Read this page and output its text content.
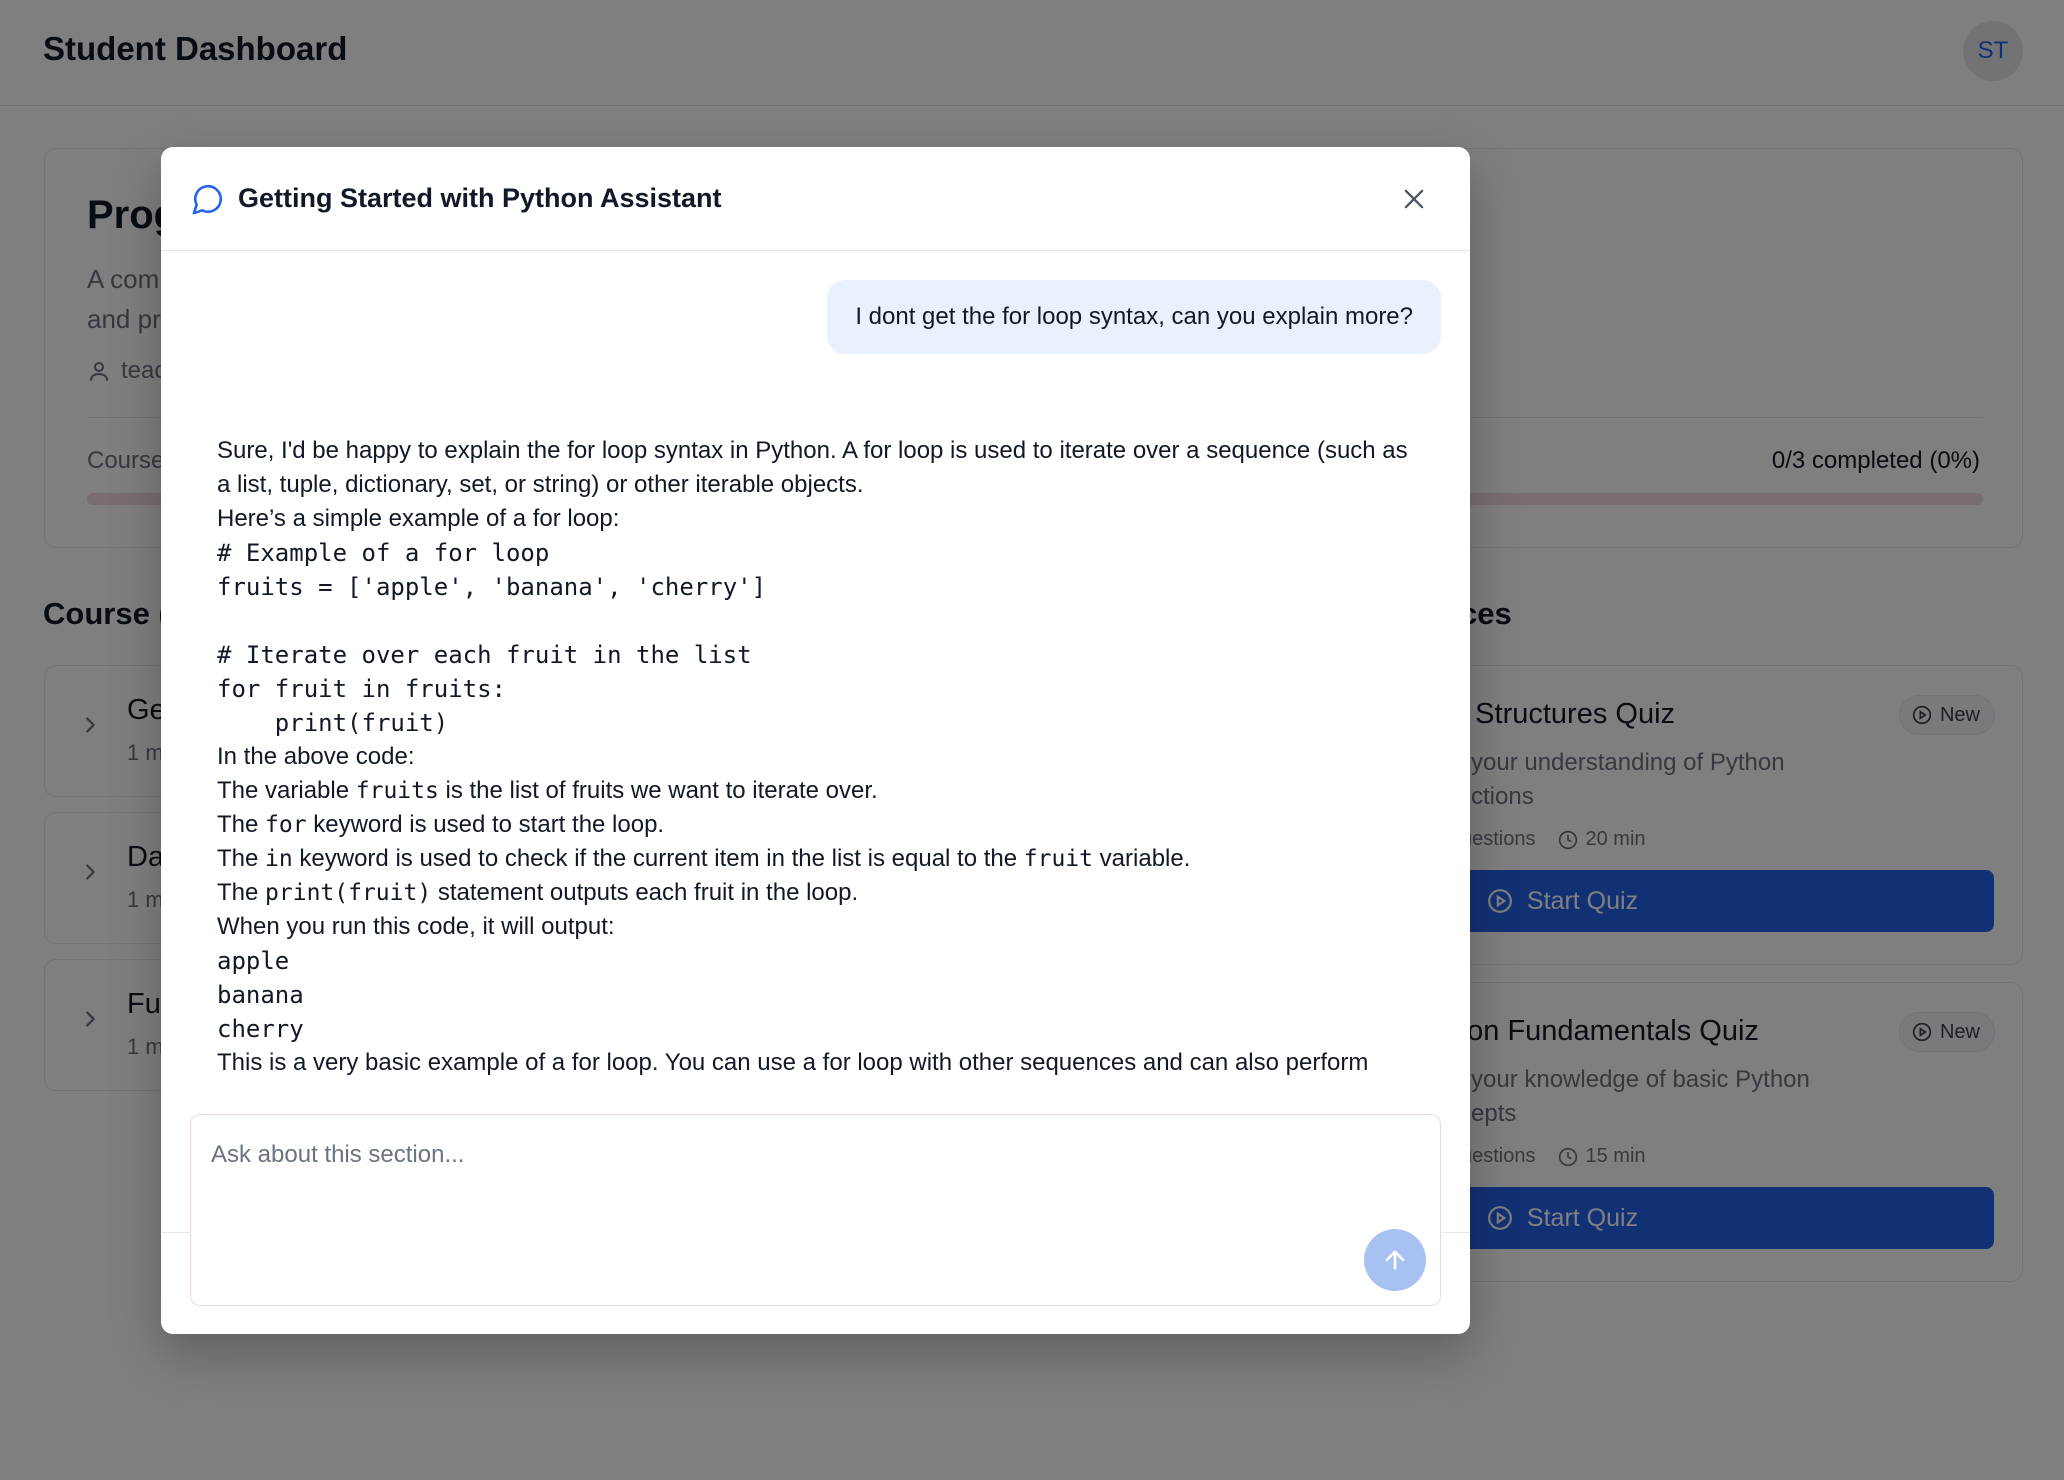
Getting Started with Python Assistant
I dont get the for loop syntax, can you explain more?

Sure, I'd be happy to explain the for loop syntax in Python. A for loop is used to iterate over a sequence (such as a list, tuple, dictionary, set, or string) or other iterable objects.

Here’s a simple example of a for loop:

# Example of a for loop
fruits = ['apple', 'banana', 'cherry']

# Iterate over each fruit in the list
for fruit in fruits:
print(fruit)

In the above code:

The variable fruits is the list of fruits we want to iterate over.

The for keyword is used to start the loop.

The in keyword is used to check if the current item in the list is equal to the fruit variable.

The print(fruit) statement outputs each fruit in the loop.

When you run this code, it will output:

apple
banana
cherry

This is a very basic example of a for loop. You can use a for loop with other sequences and can also perform

Ask about this section...
